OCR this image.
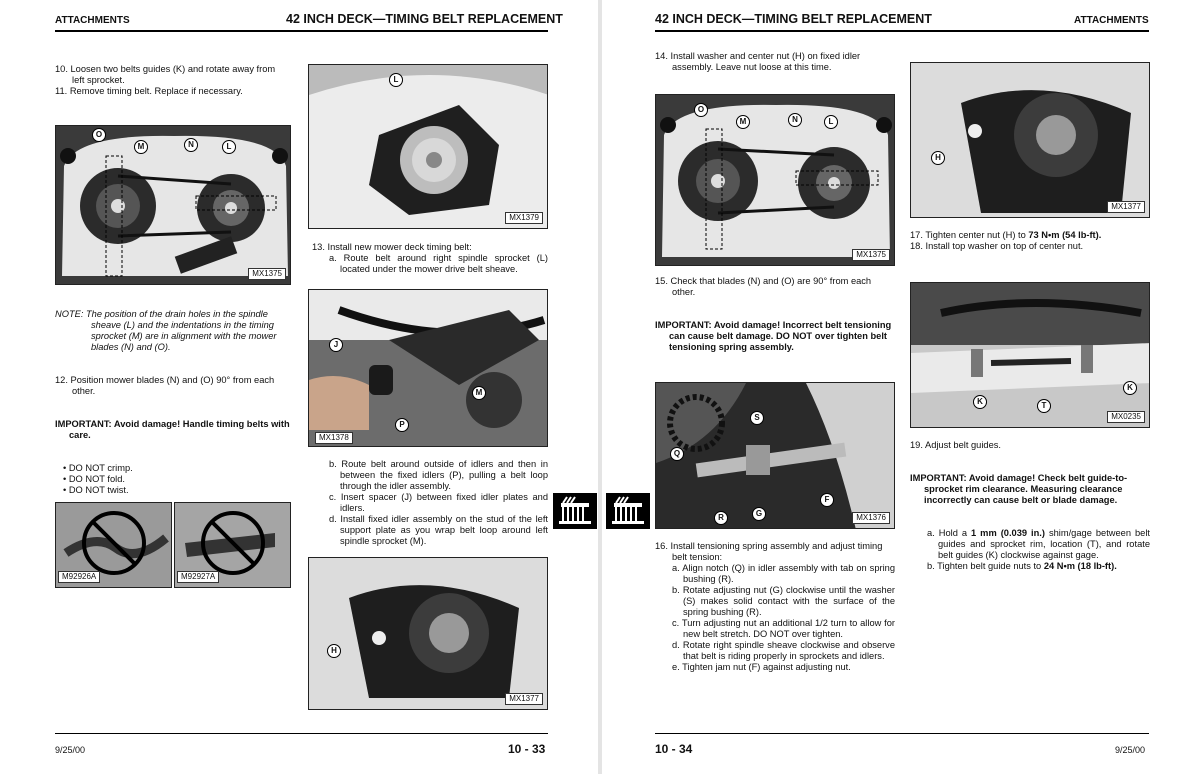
ATTACHMENTS	42 INCH DECK—TIMING BELT REPLACEMENT

10. Loosen two belts guides (K) and rotate away from left sprocket.

11. Remove timing belt. Replace if necessary.

O
M	N	L
MX1375

NOTE: The position of the drain holes in the spindle sheave (L) and the indentations in the timing sprocket (M) are in alignment with the mower blades (N) and (O).

12. Position mower blades (N) and (O) 90° from each other.

IMPORTANT: Avoid damage! Handle timing belts with care.

• DO NOT crimp.

• DO NOT fold.

• DO NOT twist.

M92926A	M92927A
L
MX1379

13. Install new mower deck timing belt:

a. Route belt around right spindle sprocket (L) located under the mower drive belt sheave.

J
M
P
MX1378

b. Route belt around outside of idlers and then in between the fixed idlers (P), pulling a belt loop through the idler assembly.

c. Insert spacer (J) between fixed idler plates and idlers.

d. Install fixed idler assembly on the stud of the left support plate as you wrap belt loop around left spindle sprocket (M).

H
MX1377
9/25/00	10 - 33
42 INCH DECK—TIMING BELT REPLACEMENT	ATTACHMENTS

14. Install washer and center nut (H) on fixed idler assembly. Leave nut loose at this time.

O
M	N	L
MX1375

15. Check that blades (N) and (O) are 90° from each other.

IMPORTANT: Avoid damage! Incorrect belt tensioning can cause belt damage. DO NOT over tighten belt tensioning spring assembly.

S
Q
R	G
F
MX1376

16. Install tensioning spring assembly and adjust timing belt tension:

a. Align notch (Q) in idler assembly with tab on spring bushing (R).

b. Rotate adjusting nut (G) clockwise until the washer (S) makes solid contact with the surface of the spring bushing (R).

c. Turn adjusting nut an additional 1/2 turn to allow for new belt stretch. DO NOT over tighten.

d. Rotate right spindle sheave clockwise and observe that belt is riding properly in sprockets and idlers.

e. Tighten jam nut (F) against adjusting nut.

H
MX1377

17. Tighten center nut (H) to 73 N•m (54 lb-ft).

18. Install top washer on top of center nut.

K	T
K
MX0235

19. Adjust belt guides.

IMPORTANT: Avoid damage! Check belt guide-to-sprocket rim clearance. Measuring clearance incorrectly can cause belt or blade damage.

a. Hold a 1 mm (0.039 in.) shim/gage between belt guides and sprocket rim, location (T), and rotate belt guides (K) clockwise against gage.

b. Tighten belt guide nuts to 24 N•m (18 lb-ft).

10 - 34	9/25/00
